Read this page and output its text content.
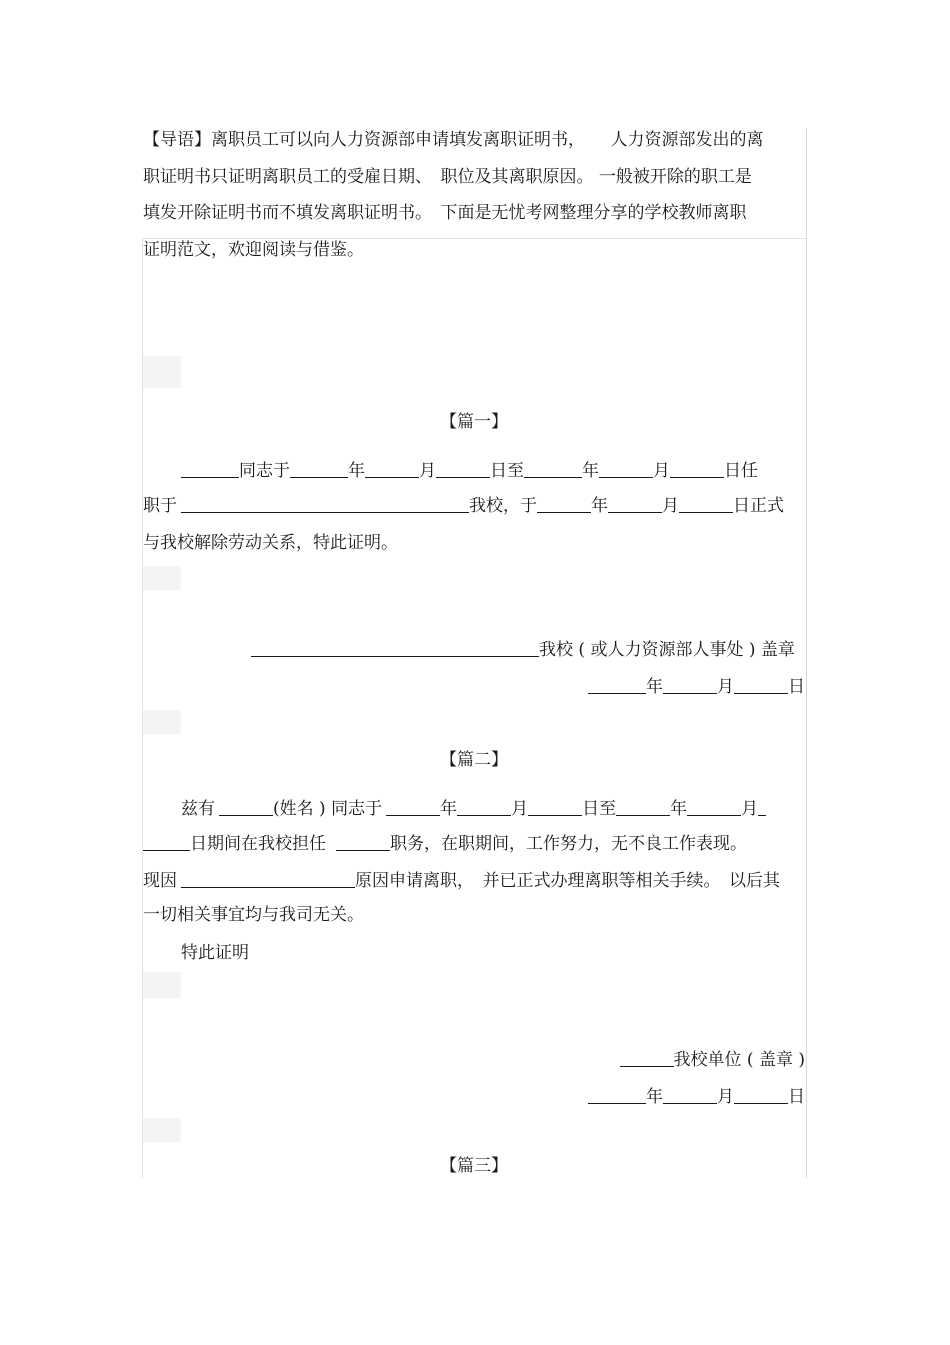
【导语】离职员工可以向人力资源部申请填发离职证明书，　　人力资源部发出的离
职证明书只证明离职员工的受雇日期、　职位及其离职原因。 一般被开除的职工是
填发开除证明书而不填发离职证明书。　下面是无忧考网整理分享的学校教师离职
证明范文，欢迎阅读与借鉴。
【篇一】
同志于	年	月	日至	年	月	日任
职于	我校，于	年	月	日正式
与我校解除劳动关系，特此证明。
我校 ( 或人力资源部人事处 ) 盖章
年	月	日
【篇二】
兹有	(姓名 ) 同志于	年	月	日至	年	月
日期间在我校担任	职务，在职期间，工作努力，无不良工作表现。
现因	原因申请离职，　并已正式办理离职等相关手续。　以后其
一切相关事宜均与我司无关。
特此证明
我校单位 ( 盖章 )
年	月	日
【篇三】
